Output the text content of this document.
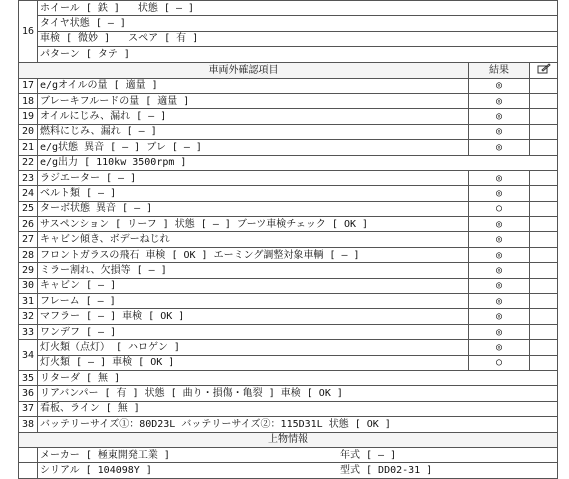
16	ホイール [ 鉄 ] 状態 [ ― ]		
	タイヤ状態 [ ― ]		
	車検 [ 微妙 ] スペア [ 有 ]		
	パターン [ タテ ]		
車両外確認項目		結果	
17	e/gオイルの量 [ 適量 ]	◎	
18	ブレーキフルードの量 [ 適量 ]	◎	
19	オイルにじみ、漏れ [ ― ]	◎	
20	燃料にじみ、漏れ [ ― ]	◎	
21	e/g状態 異音 [ ― ] ブレ [ ― ]	◎	
22	e/g出力 [ 110kw 3500rpm ]		
23	ラジエーター [ ― ]	◎	
24	ベルト類 [ ― ]	◎	
25	ターボ状態 異音 [ ― ]	○	
26	サスペンション [ リーフ ] 状態 [ ― ] ブーツ車検チェック [ OK ]	◎	
27	キャビン傾き、ボデーねじれ	◎	
28	フロントガラスの飛石 車検 [ OK ] エーミング調整対象車輌 [ ― ]	◎	
29	ミラー割れ、欠損等 [ ― ]	◎	
30	キャビン [ ― ]	◎	
31	フレーム [ ― ]	◎	
32	マフラー [ ― ] 車検 [ OK ]	◎	
33	ワンデフ [ ― ]	◎	
34	灯火類（点灯） [ ハロゲン ]	◎	
	灯火類 [ ― ] 車検 [ OK ]	○	
35	リターダ [ 無 ]		
36	リアバンパー [ 有 ] 状態 [ 曲り・損傷・亀裂 ] 車検 [ OK ]		
37	看板、ライン [ 無 ]		
38	バッテリーサイズ①：80D23L バッテリーサイズ②：115D31L 状態 [ OK ]		
上物情報			
	メーカー [ 極東開発工業 ] 年式 [ ― ]		
	シリアル [ 104098Y ] 型式 [ DD02-31 ]		
